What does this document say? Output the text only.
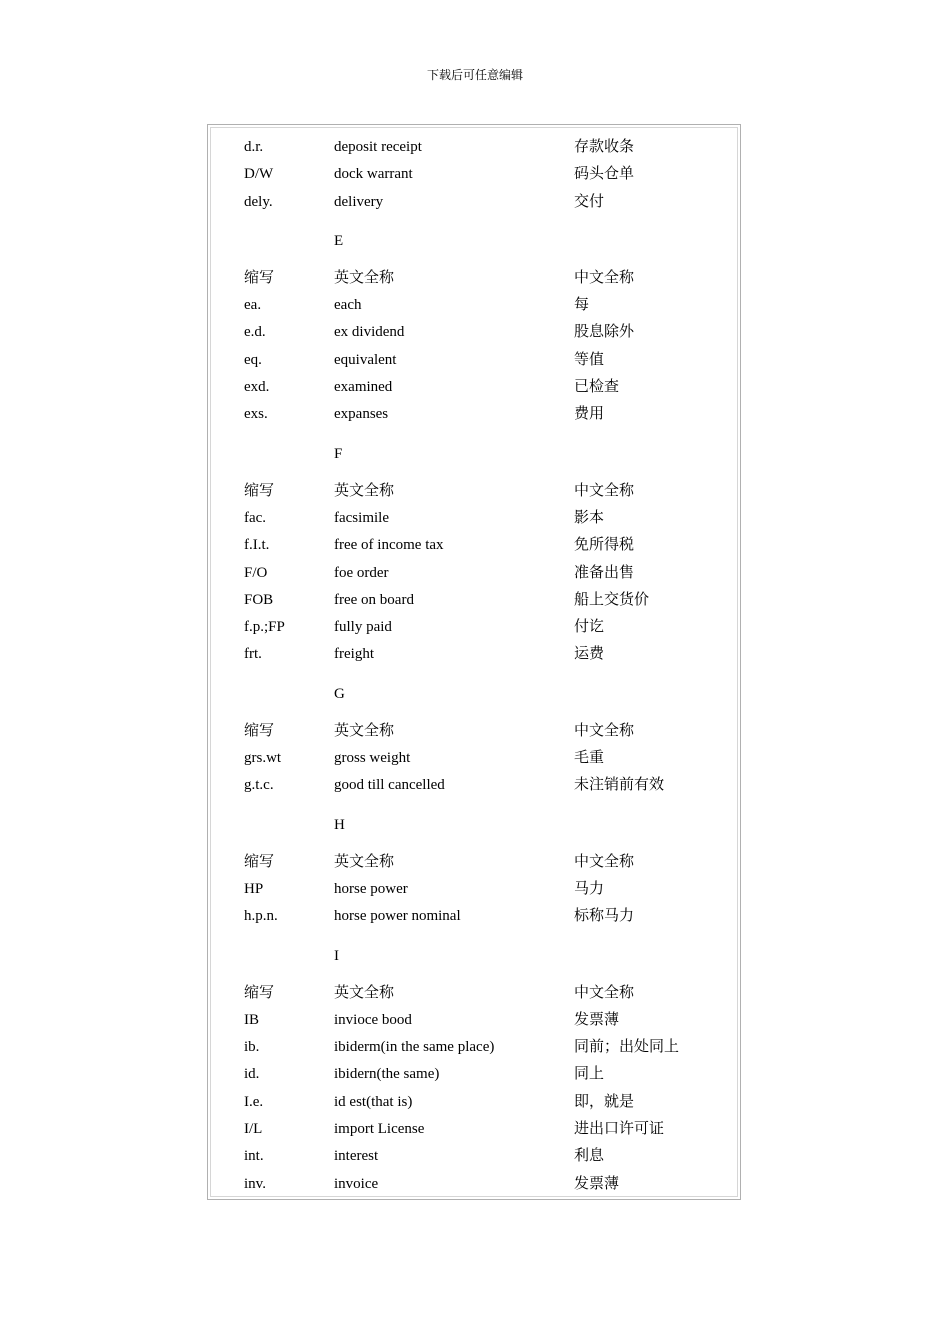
下载后可任意编辑
d.r.	deposit receipt	存款收条
D/W	dock warrant	码头仓单
dely.	delivery	交付
E
缩写	英文全称	中文全称
ea.	each	每
e.d.	ex dividend	股息除外
eq.	equivalent	等值
exd.	examined	已检查
exs.	expanses	费用
F
缩写	英文全称	中文全称
fac.	facsimile	影本
f.I.t.	free of income tax	免所得税
F/O	foe order	准备出售
FOB	free on board	船上交货价
f.p.;FP	fully paid	付讫
frt.	freight	运费
G
缩写	英文全称	中文全称
grs.wt	gross weight	毛重
g.t.c.	good till cancelled	未注销前有效
H
缩写	英文全称	中文全称
HP	horse power	马力
h.p.n.	horse power nominal	标称马力
I
缩写	英文全称	中文全称
IB	invioce bood	发票薄
ib.	ibiderm(in the same place)	同前；出处同上
id.	ibidern(the same)	同上
I.e.	id est(that is)	即，就是
I/L	import License	进出口许可证
int.	interest	利息
inv.	invoice	发票薄
